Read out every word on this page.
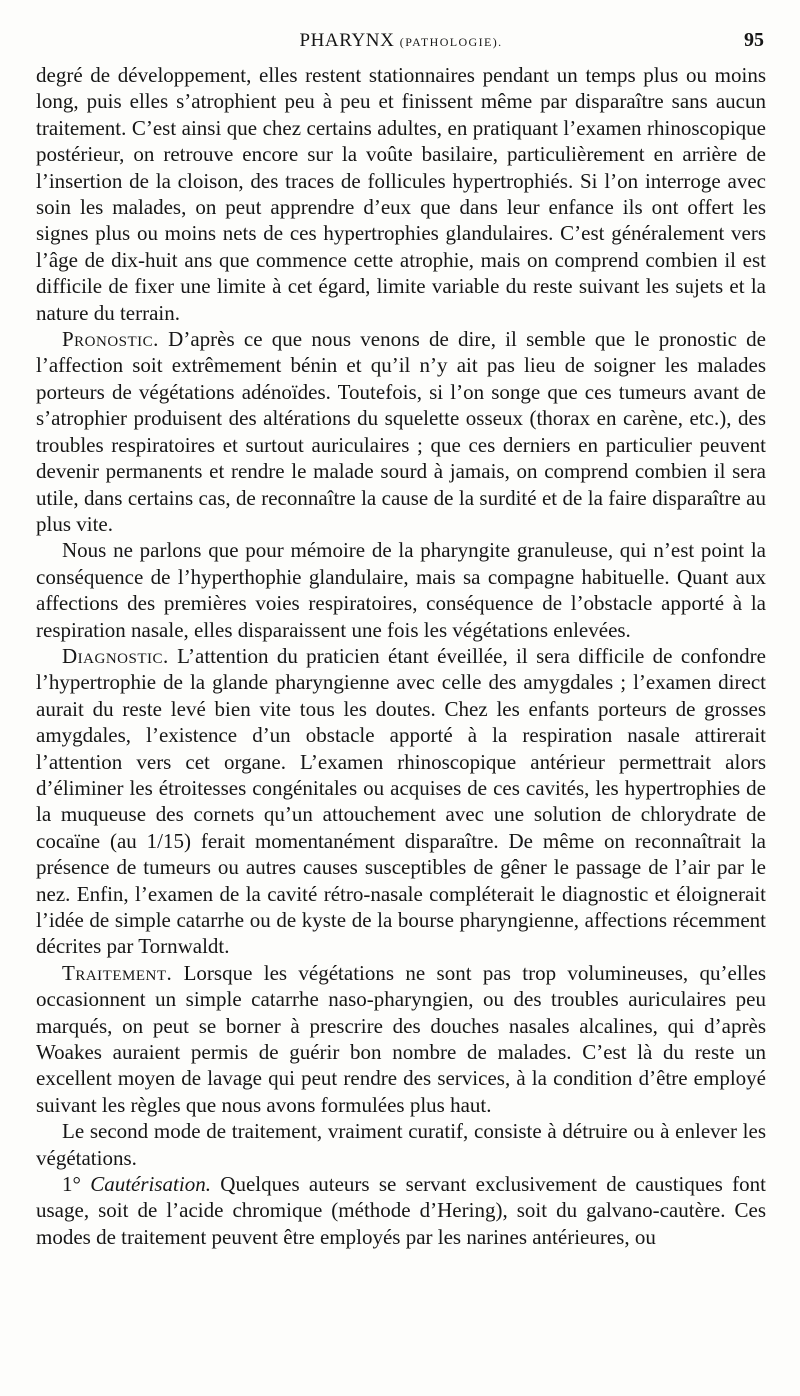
PHARYNX (PATHOLOGIE).	95

degré de développement, elles restent stationnaires pendant un temps plus ou moins long, puis elles s’atrophient peu à peu et finissent même par disparaître sans aucun traitement. C’est ainsi que chez certains adultes, en pratiquant l’examen rhinoscopique postérieur, on retrouve encore sur la voûte basilaire, particulièrement en arrière de l’insertion de la cloison, des traces de follicules hypertrophiés. Si l’on interroge avec soin les malades, on peut apprendre d’eux que dans leur enfance ils ont offert les signes plus ou moins nets de ces hypertrophies glandulaires. C’est généralement vers l’âge de dix-huit ans que commence cette atrophie, mais on comprend combien il est difficile de fixer une limite à cet égard, limite variable du reste suivant les sujets et la nature du terrain.

Pronostic. D’après ce que nous venons de dire, il semble que le pronostic de l’affection soit extrêmement bénin et qu’il n’y ait pas lieu de soigner les malades porteurs de végétations adénoïdes. Toutefois, si l’on songe que ces tumeurs avant de s’atrophier produisent des altérations du squelette osseux (thorax en carène, etc.), des troubles respiratoires et surtout auriculaires ; que ces derniers en particulier peuvent devenir permanents et rendre le malade sourd à jamais, on comprend combien il sera utile, dans certains cas, de reconnaître la cause de la surdité et de la faire disparaître au plus vite.

Nous ne parlons que pour mémoire de la pharyngite granuleuse, qui n’est point la conséquence de l’hyperthophie glandulaire, mais sa compagne habituelle. Quant aux affections des premières voies respiratoires, conséquence de l’obstacle apporté à la respiration nasale, elles disparaissent une fois les végétations enlevées.

Diagnostic. L’attention du praticien étant éveillée, il sera difficile de confondre l’hypertrophie de la glande pharyngienne avec celle des amygdales ; l’examen direct aurait du reste levé bien vite tous les doutes. Chez les enfants porteurs de grosses amygdales, l’existence d’un obstacle apporté à la respiration nasale attirerait l’attention vers cet organe. L’examen rhinoscopique antérieur permettrait alors d’éliminer les étroitesses congénitales ou acquises de ces cavités, les hypertrophies de la muqueuse des cornets qu’un attouchement avec une solution de chlorydrate de cocaïne (au 1/15) ferait momentanément disparaître. De même on reconnaîtrait la présence de tumeurs ou autres causes susceptibles de gêner le passage de l’air par le nez. Enfin, l’examen de la cavité rétro-nasale compléterait le diagnostic et éloignerait l’idée de simple catarrhe ou de kyste de la bourse pharyngienne, affections récemment décrites par Tornwaldt.

Traitement. Lorsque les végétations ne sont pas trop volumineuses, qu’elles occasionnent un simple catarrhe naso-pharyngien, ou des troubles auriculaires peu marqués, on peut se borner à prescrire des douches nasales alcalines, qui d’après Woakes auraient permis de guérir bon nombre de malades. C’est là du reste un excellent moyen de lavage qui peut rendre des services, à la condition d’être employé suivant les règles que nous avons formulées plus haut.

Le second mode de traitement, vraiment curatif, consiste à détruire ou à enlever les végétations.

1° Cautérisation. Quelques auteurs se servant exclusivement de caustiques font usage, soit de l’acide chromique (méthode d’Hering), soit du galvano-cautère. Ces modes de traitement peuvent être employés par les narines antérieures, ou
